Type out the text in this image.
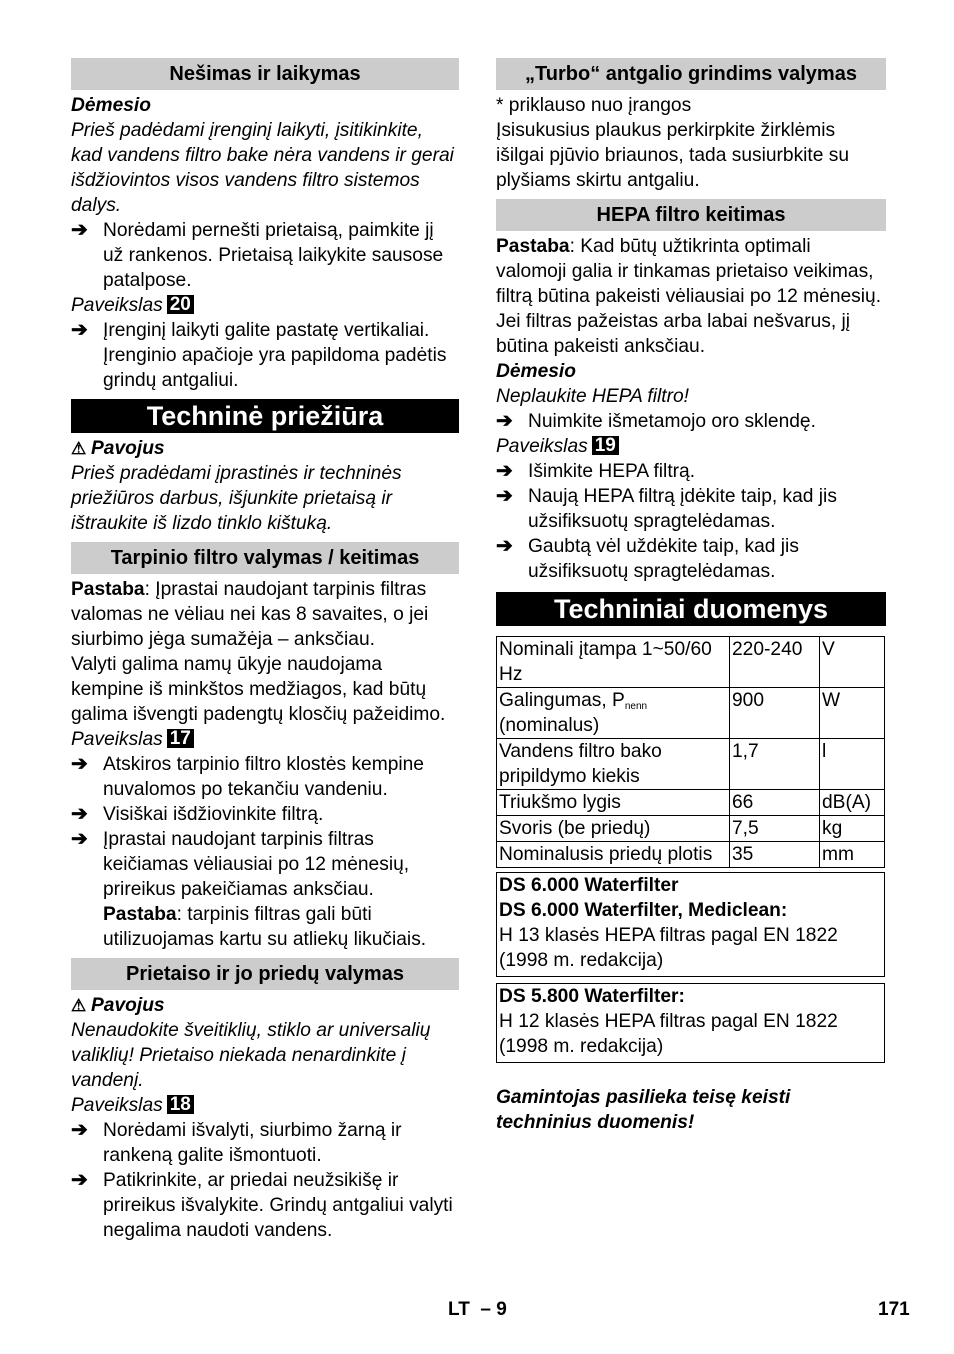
Nešimas ir laikymas

Dėmesio

Prieš padėdami įrenginį laikyti, įsitikinkite, kad vandens filtro bake nėra vandens ir gerai išdžiovintos visos vandens filtro sistemos dalys.

➔ Norėdami pernešti prietaisą, paimkite jį už rankenos. Prietaisą laikykite sausose patalpose.

Paveikslas 20

➔ Įrenginį laikyti galite pastatę vertikaliai. Įrenginio apačioje yra papildoma padėtis grindų antgaliui.
Techninė priežiūra

⚠ Pavojus

Prieš pradėdami įprastinės ir techninės priežiūros darbus, išjunkite prietaisą ir ištraukite iš lizdo tinklo kištuką.

Tarpinio filtro valymas / keitimas

Pastaba: Įprastai naudojant tarpinis filtras valomas ne vėliau nei kas 8 savaites, o jei siurbimo jėga sumažėja – anksčiau.

Valyti galima namų ūkyje naudojama kempine iš minkštos medžiagos, kad būtų galima išvengti padengtų klosčių pažeidimo.

Paveikslas 17

➔ Atskiros tarpinio filtro klostės kempine nuvalomos po tekančiu vandeniu.
➔ Visiškai išdžiovinkite filtrą.
➔ Įprastai naudojant tarpinis filtras keičiamas vėliausiai po 12 mėnesių, prireikus pakeičiamas anksčiau.

Pastaba: tarpinis filtras gali būti utilizuojamas kartu su atliekų likučiais.

Prietaiso ir jo priedų valymas

⚠ Pavojus

Nenaudokite šveitiklių, stiklo ar universalių valiklių! Prietaiso niekada nenardinkite į vandenį.

Paveikslas 18

➔ Norėdami išvalyti, siurbimo žarną ir rankeną galite išmontuoti.
➔ Patikrinkite, ar priedai neužsikišę ir prireikus išvalykite. Grindų antgaliui valyti negalima naudoti vandens.
„Turbo“ antgalio grindims valymas

* priklauso nuo įrangos

Įsisukusius plaukus perkirpkite žirklėmis išilgai pjūvio briaunos, tada susiurbkite su plyšiams skirtu antgaliu.

HEPA filtro keitimas

Pastaba: Kad būtų užtikrinta optimali valomoji galia ir tinkamas prietaiso veikimas, filtrą būtina pakeisti vėliausiai po 12 mėnesių. Jei filtras pažeistas arba labai nešvarus, jį būtina pakeisti anksčiau.

Dėmesio

Neplaukite HEPA filtro!

➔ Nuimkite išmetamojo oro sklendę.

Paveikslas 19

➔ Išimkite HEPA filtrą.
➔ Naują HEPA filtrą įdėkite taip, kad jis užsifiksuotų spragtelėdamas.
➔ Gaubtą vėl uždėkite taip, kad jis užsifiksuotų spragtelėdamas.
Techniniai duomenys
Nominali įtampa 1~50/60 Hz	220-240	V
Galingumas, $P_{nenn}$ (nominalus)	900	W
Vandens filtro bako pripildymo kiekis	1,7	l
Triukšmo lygis	66	dB(A)
Svoris (be priedų)	7,5	kg
Nominalusis priedų plotis	35	mm

DS 6.000 Waterfilter

DS 6.000 Waterfilter, Mediclean:

H 13 klasės HEPA filtras pagal EN 1822 (1998 m. redakcija)

DS 5.800 Waterfilter:

H 12 klasės HEPA filtras pagal EN 1822 (1998 m. redakcija)

Gamintojas pasilieka teisę keisti techninius duomenis!

LT – 9	171
